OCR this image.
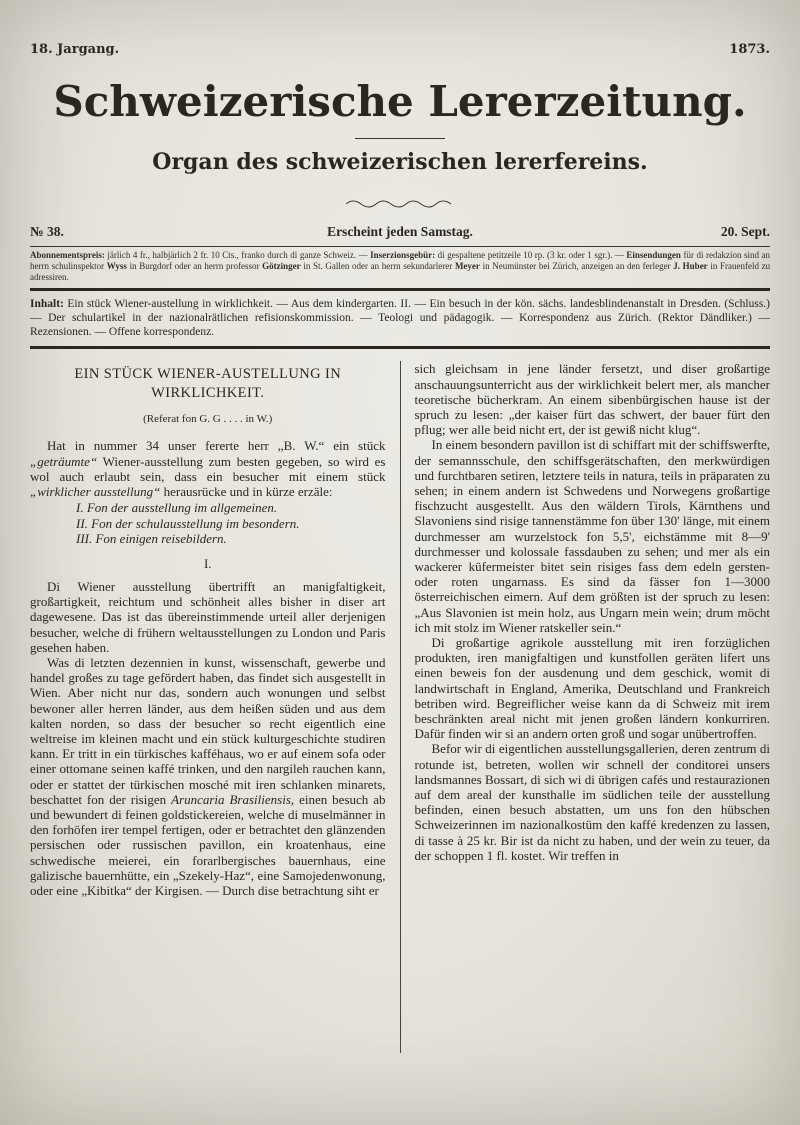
18. Jargang.	1873.
Schweizerische Lererzeitung.
Organ des schweizerischen lererfereins.
№ 38.	Erscheint jeden Samstag.	20. Sept.

Abonnementspreis: järlich 4 fr., halbjärlich 2 fr. 10 Cts., franko durch di ganze Schweiz. — Inserzionsgebür: di gespaltene petitzeile 10 rp. (3 kr. oder 1 sgr.). — Einsendungen für di redakzion sind an herrn schulinspektor Wyss in Burgdorf oder an herrn professor Götzinger in St. Gallen oder an herrn sekundarlerer Meyer in Neumünster bei Zürich, anzeigen an den ferleger J. Huber in Frauenfeld zu adressiren.

Inhalt: Ein stück Wiener-austellung in wirklichkeit. — Aus dem kindergarten. II. — Ein besuch in der kön. sächs. landesblindenanstalt in Dresden. (Schluss.) — Der schulartikel in der nazionalrätlichen refisionskommission. — Teologi und pädagogik. — Korrespondenz aus Zürich. (Rektor Dändliker.) — Rezensionen. — Offene korrespondenz.

EIN STÜCK WIENER-AUSTELLUNG IN
WIRKLICHKEIT.
(Referat fon G. G . . . . in W.)

Hat in nummer 34 unser fererte herr „B. W.“ ein stück „geträumte“ Wiener-ausstellung zum besten gegeben, so wird es wol auch erlaubt sein, dass ein besucher mit einem stück „wirklicher ausstellung“ herausrücke und in kürze erzäle:

I. Fon der ausstellung im allgemeinen.
II. Fon der schulausstellung im besondern.
III. Fon einigen reisebildern.
I.

Di Wiener ausstellung übertrifft an manigfaltigkeit, großartigkeit, reichtum und schönheit alles bisher in diser art dagewesene. Das ist das übereinstimmende urteil aller derjenigen besucher, welche di frühern weltausstellungen zu London und Paris gesehen haben.

Was di letzten dezennien in kunst, wissenschaft, gewerbe und handel großes zu tage gefördert haben, das findet sich ausgestellt in Wien. Aber nicht nur das, sondern auch wonungen und selbst bewoner aller herren länder, aus dem heißen süden und aus dem kalten norden, so dass der besucher so recht eigentlich eine weltreise im kleinen macht und ein stück kulturgeschichte studiren kann. Er tritt in ein türkisches kafféhaus, wo er auf einem sofa oder einer ottomane seinen kaffé trinken, und den nargileh rauchen kann, oder er stattet der türkischen mosché mit iren schlanken minarets, beschattet fon der risigen Aruncaria Brasiliensis, einen besuch ab und bewundert di feinen goldstickereien, welche di muselmänner in den forhöfen irer tempel fertigen, oder er betrachtet den glänzenden persischen oder russischen pavillon, ein kroatenhaus, eine schwedische meierei, ein forarlbergisches bauernhaus, eine galizische bauernhütte, ein „Szekely-Haz“, eine Samojedenwonung, oder eine „Kibitka“ der Kirgisen. — Durch dise betrachtung siht er

sich gleichsam in jene länder fersetzt, und diser großartige anschauungsunterricht aus der wirklichkeit belert mer, als mancher teoretische bücherkram. An einem sibenbürgischen hause ist der spruch zu lesen: „der kaiser fürt das schwert, der bauer fürt den pflug; wer alle beid nicht ert, der ist gewiß nicht klug“.

In einem besondern pavillon ist di schiffart mit der schiffswerfte, der semannsschule, den schiffsgerätschaften, den merkwürdigen und furchtbaren setiren, letztere teils in natura, teils in präparaten zu sehen; in einem andern ist Schwedens und Norwegens großartige fischzucht ausgestellt. Aus den wäldern Tirols, Kärnthens und Slavoniens sind risige tannenstämme fon über 130' länge, mit einem durchmesser am wurzelstock fon 5,5', eichstämme mit 8—9' durchmesser und kolossale fassdauben zu sehen; und mer als ein wackerer küfermeister bitet sein risiges fass dem edeln gersten- oder roten ungarnass. Es sind da fässer fon 1—3000 österreichischen eimern. Auf dem größten ist der spruch zu lesen: „Aus Slavonien ist mein holz, aus Ungarn mein wein; drum möcht ich mit stolz im Wiener ratskeller sein.“

Di großartige agrikole ausstellung mit iren forzüglichen produkten, iren manigfaltigen und kunstfollen geräten lifert uns einen beweis fon der ausdenung und dem geschick, womit di landwirtschaft in England, Amerika, Deutschland und Frankreich betriben wird. Begreiflicher weise kann da di Schweiz mit irem beschränkten areal nicht mit jenen großen ländern konkurriren. Dafür finden wir si an andern orten groß und sogar unübertroffen.

Befor wir di eigentlichen ausstellungsgallerien, deren zentrum di rotunde ist, betreten, wollen wir schnell der conditorei unsers landsmannes Bossart, di sich wi di übrigen cafés und restaurazionen auf dem areal der kunsthalle im südlichen teile der ausstellung befinden, einen besuch abstatten, um uns fon den hübschen Schweizerinnen im nazionalkostüm den kaffé kredenzen zu lassen, di tasse à 25 kr. Bir ist da nicht zu haben, und der wein zu teuer, da der schoppen 1 fl. kostet. Wir treffen in
